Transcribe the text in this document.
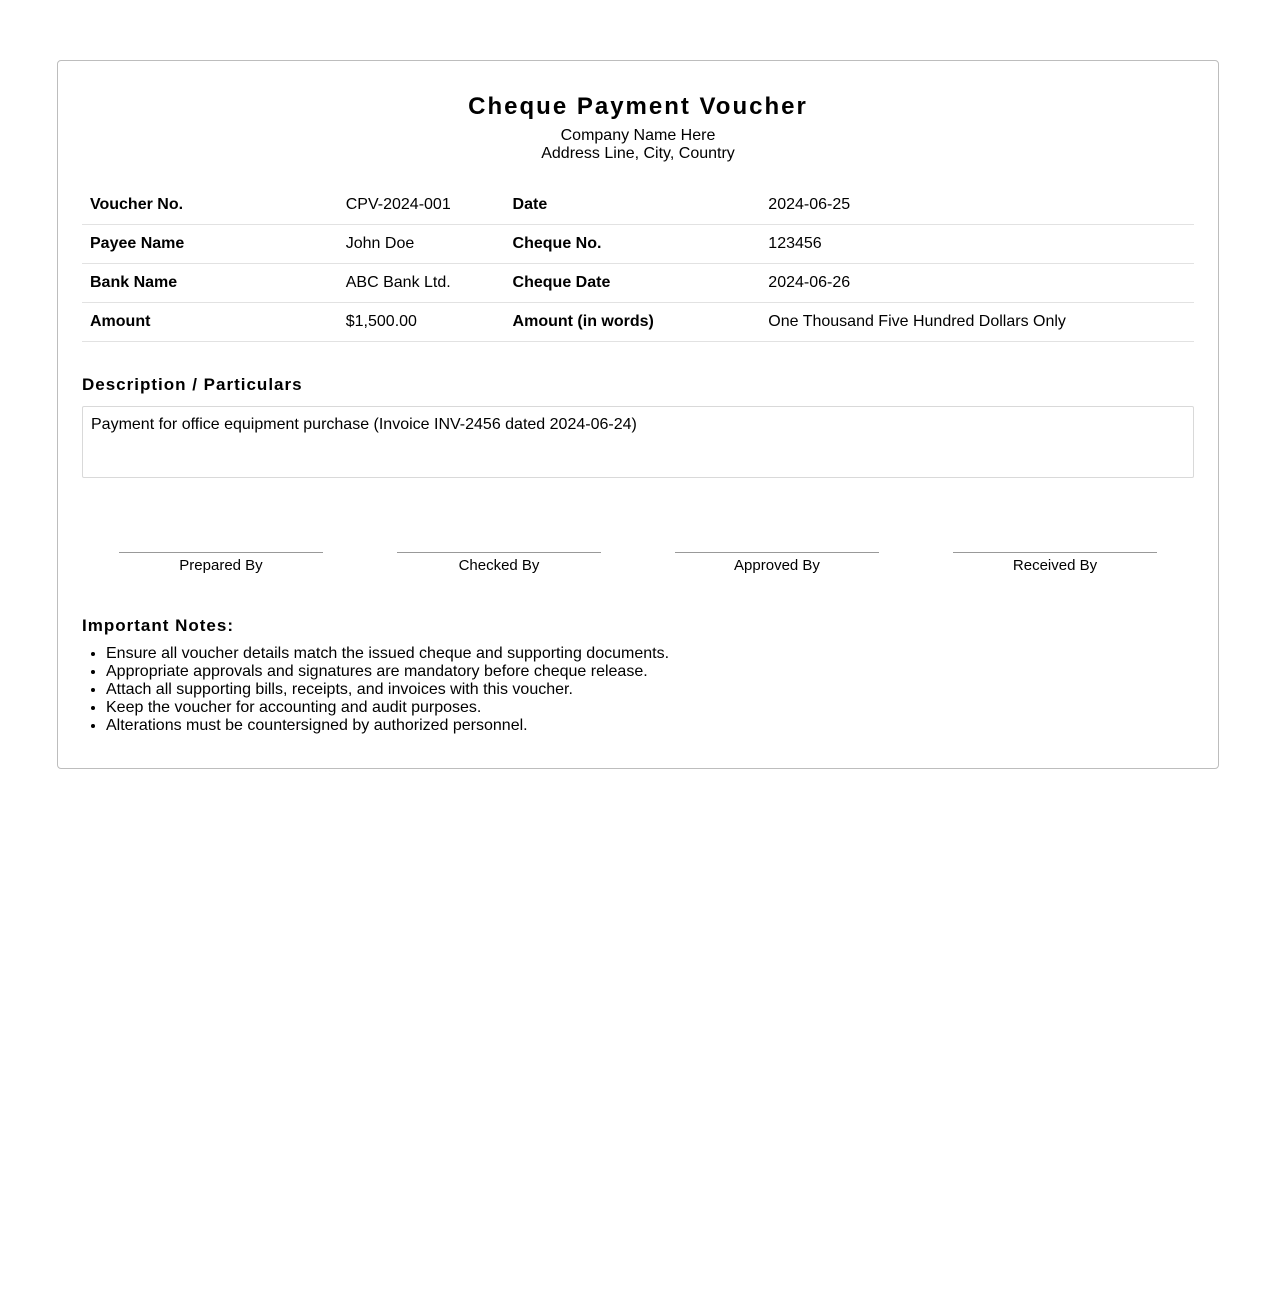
Cheque Payment Voucher
Company Name Here
Address Line, City, Country
Voucher No.	CPV-2024-001	Date	2024-06-25
Payee Name	John Doe	Cheque No.	123456
Bank Name	ABC Bank Ltd.	Cheque Date	2024-06-26
Amount	$1,500.00	Amount (in words)	One Thousand Five Hundred Dollars Only
Description / Particulars
Payment for office equipment purchase (Invoice INV-2456 dated 2024-06-24)
Prepared By	Checked By	Approved By	Received By
Important Notes:
• Ensure all voucher details match the issued cheque and supporting documents.
• Appropriate approvals and signatures are mandatory before cheque release.
• Attach all supporting bills, receipts, and invoices with this voucher.
• Keep the voucher for accounting and audit purposes.
• Alterations must be countersigned by authorized personnel.
